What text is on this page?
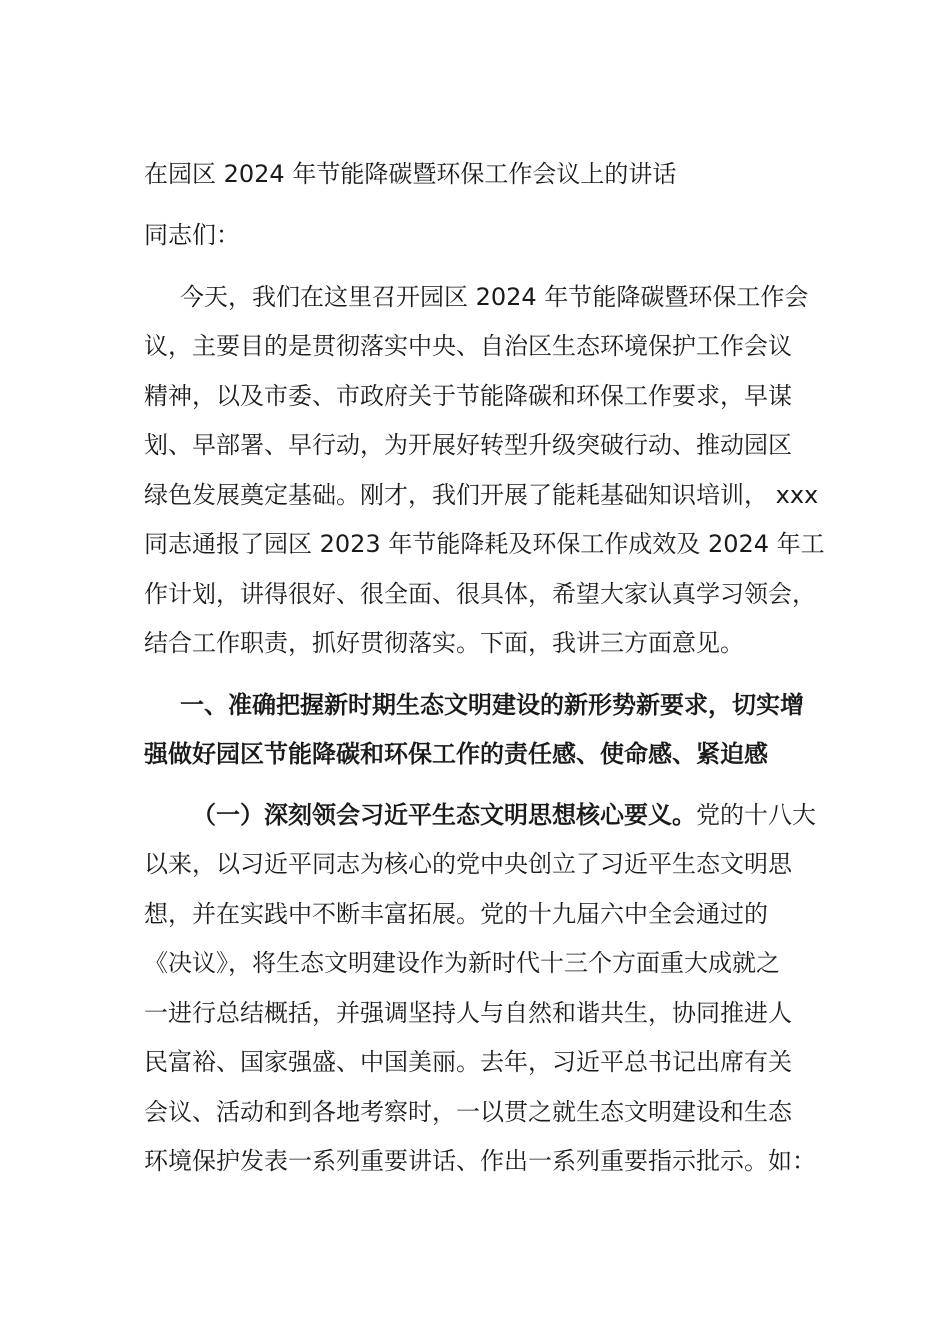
在园区 2024 年节能降碳暨环保工作会议上的讲话
同志们：
今天，我们在这里召开园区 2024 年节能降碳暨环保工作会
议，主要目的是贯彻落实中央、自治区生态环境保护工作会议
精神，以及市委、市政府关于节能降碳和环保工作要求，早谋
划、早部署、早行动，为开展好转型升级突破行动、推动园区
绿色发展奠定基础。刚才，我们开展了能耗基础知识培训， xxx
同志通报了园区 2023 年节能降耗及环保工作成效及 2024 年工
作计划，讲得很好、很全面、很具体，希望大家认真学习领会，
结合工作职责，抓好贯彻落实。下面，我讲三方面意见。
一、准确把握新时期生态文明建设的新形势新要求，切实增
强做好园区节能降碳和环保工作的责任感、使命感、紧迫感
（一）深刻领会习近平生态文明思想核心要义。党的十八大
以来，以习近平同志为核心的党中央创立了习近平生态文明思
想，并在实践中不断丰富拓展。党的十九届六中全会通过的
《决议》，将生态文明建设作为新时代十三个方面重大成就之
一进行总结概括，并强调坚持人与自然和谐共生，协同推进人
民富裕、国家强盛、中国美丽。去年，习近平总书记出席有关
会议、活动和到各地考察时，一以贯之就生态文明建设和生态
环境保护发表一系列重要讲话、作出一系列重要指示批示。如：
